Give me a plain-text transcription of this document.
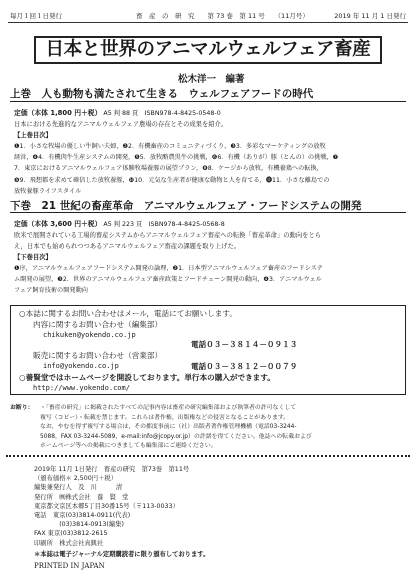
毎月１回１日発行	畜　産　の　研　究　　第 73 巻　第 11 号　　（11月号）	2019 年 11 月 1 日発行
日本と世界のアニマルウェルフェア畜産
松木洋一　編著
上巻　人も動物も満たされて生きる　ウェルフェアフードの時代
定価（本体 1,800 円＋税） A5 判 88 頁　ISBN978-4-8425-0548-0
日本における先進的なアニマルウェルフェア農場の存在とその成果を紹介。
【上巻目次】
❶1．小さな牧場の優しい牛飼い夫婦，❷2．有機畜産のコミュニティづくり，❸3．多彩なマーケティングの放牧
経営，❹4．有機肉牛生産システムの開発，❺5．放牧酪農黒牛の挑戦，❻6．有機（ありが）豚（とんの）の挑戦，❼
7．東京におけるアニマルウェルフェア体験牧場養豚の展望プラン，❽8．ケージから放牧，有機養鶏への転換，
❾9．飛想都を求めて確信した放牧養豚，❿10．元気な生産者が健康な動物と人を育てる，⓫11．小さな離島での
放牧養豚ライフスタイル
下巻　21 世紀の畜産革命　アニマルウェルフェア・フードシステムの開発
定価（本体 3,600 円＋税） A5 判 223 頁　ISBN978-4-8425-0568-8
欧米で展開されている工場的畜産システムからアニマルウェルフェア畜産への転換「畜産革命」の動向をとら
え，日本でも始められつつあるアニマルウェルフェア畜産の課題を取り上げた。
【下巻目次】
❶序，アニマルウェルフェアフードシステム開発の論理，❷1．日本型アニマルウェルフェア畜産のフードシステ
ム開発の展望，❸2．世界のアニマルウェルフェア畜産政策とフードチェーン開発の動向，❹3．アニマルウェル
フェア飼育技術の開発動向
○本誌に関するお問い合わせはメール，電話にてお願いします。
内容に関するお問い合わせ（編集部）
chikuken@yokendo.co.jp
電話０３－３８１４－０９１３
販売に関するお問い合わせ（営業部）
info@yokendo.co.jp	電話０３－３８１２－００７９
○養賢堂ではホームページを開設しております。単行本の購入ができます。
http://www.yokendo.com/
お断り： ・「畜産の研究」に掲載されたすべての記事内容は畜産の研究編集部および執筆者の許可なくして
複写（コピー）・転載を禁じます。これらは著作権，出版権などの侵害となることがあります。
なお，やむを得ず複写する場合は，その都度事前に（社）出版者著作権管理機構（電話03-3244-
5088，FAX 03-3244-5089，e-mail:info@jcopy.or.jp）の許諾を得てください。他誌への転載および
ホームページ等への掲載につきましても編集部にご連絡ください。
2019年 11月 1日発行　畜産の研究　第73巻　第11号
（頒布価格＊ 2,500円＋税）
編集兼発行人　及　川　　　清
発行所　㈱株式会社　養　賢　堂
東京都文京区本郷5丁目30番15号（〒113-0033）
電話　東京(03)3814-0911(代表)
　　　　(03)3814-0913(編集)
FAX 東京(03)3812-2615
印刷所　株式会社真興社
＊本誌は電子ジャーナル定期購読者に限り頒布しております。
PRINTED IN JAPAN
